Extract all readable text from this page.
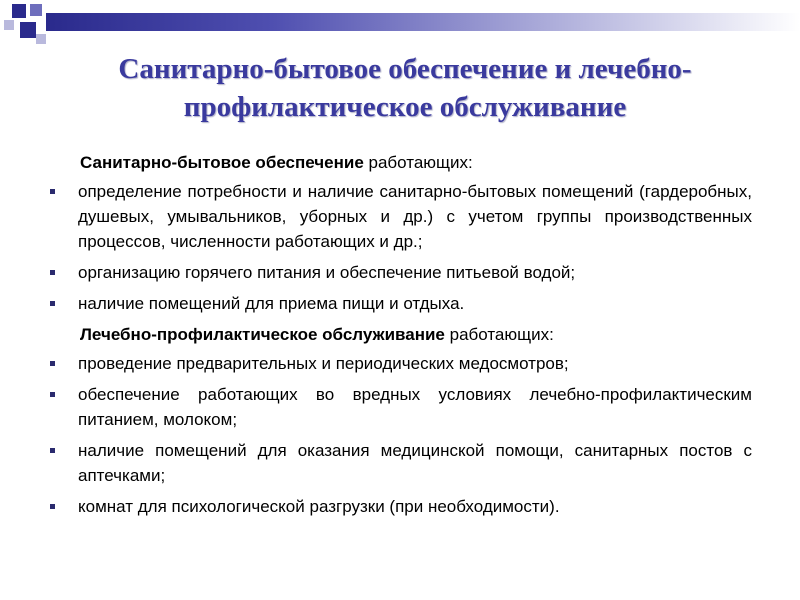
Санитарно-бытовое обеспечение и лечебно-
профилактическое обслуживание
Санитарно-бытовое обеспечение работающих:
определение потребности и наличие санитарно-бытовых помещений (гардеробных, душевых, умывальников, уборных и др.) с учетом группы производственных процессов, численности работающих и др.;
организацию горячего питания и обеспечение питьевой водой;
наличие помещений для приема пищи и отдыха.
Лечебно-профилактическое обслуживание работающих:
проведение предварительных и периодических медосмотров;
обеспечение работающих во вредных условиях лечебно-профилактическим питанием, молоком;
наличие помещений для оказания медицинской помощи, санитарных постов с аптечками;
комнат для психологической разгрузки (при необходимости).
